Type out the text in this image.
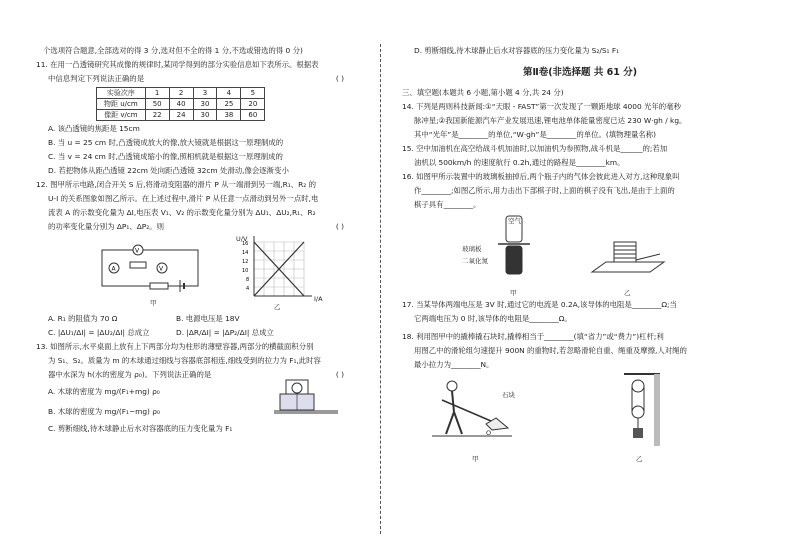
个选项符合题意,全部选对的得 3 分,选对但不全的得 1 分,不选或错选的得 0 分)
11. 在用一凸透镜研究其成像的规律时,某同学得到的部分实验信息如下表所示。根据表
中信息判定下列说法正确的是	( )
实验次序	1	2	3	4	5
物距 u/cm	50	40	30	25	20
像距 v/cm	22	24	30	38	60
A. 该凸透镜的焦距是 15cm
B. 当 u = 25 cm 时,凸透镜成放大的像,放大镜就是根据这一原理制成的
C. 当 v = 24 cm 时,凸透镜成缩小的像,照相机就是根据这一原理制成的
D. 若把物体从距凸透镜 22cm 处向距凸透镜 32cm 处滑动,像会逐渐变小
12. 图甲所示电路,闭合开关 S 后,将滑动变阻器的滑片 P 从一端滑到另一端,R₁、R₂ 的
U-I 的关系图象如图乙所示。在上述过程中,滑片 P 从任意一点滑动到另外一点时,电
流表 A 的示数变化量为 ΔI,电压表 V₁、V₂ 的示数变化量分别为 ΔU₁、ΔU₂,R₁、R₂
的功率变化量分别为 ΔP₁、ΔP₂。则	( )
A
V
V
甲
16
14
12
10
8
4
U/V
I/A
乙
A. R₁ 的阻值为 70 Ω	B. 电源电压是 18V
C. |ΔU₁/ΔI| = |ΔU₂/ΔI| 总成立	D. |ΔR/ΔI| = |ΔP₂/ΔI| 总成立
13. 如图所示,水平桌面上放有上下两部分均为柱形的薄壁容器,两部分的横截面积分别
为 S₁、S₂。质量为 m 的木球通过细线与容器底部相连,细线受到的拉力为 F₁,此时容
器中水深为 h(水的密度为 ρ₀)。下列说法正确的是	( )
A. 木球的密度为 mg/(F₁+mg) ρ₀
B. 木球的密度为 mg/(F₁−mg) ρ₀
C. 剪断细线,待木球静止后水对容器底的压力变化量为 F₁
D. 剪断细线,待木球静止后水对容器底的压力变化量为 S₂/S₁ F₁
第Ⅱ卷(非选择题 共 61 分)
三、填空题(本题共 6 小题,第小题 4 分,共 24 分)
14. 下列是两则科技新闻:①“天眼 - FAST”第一次发现了一颗距地球 4000 光年的毫秒
脉冲星;②我国新能源汽车产业发展迅速,锂电池单体能量密度已达 230 W·gh / kg。
其中“光年”是________的单位,“W·gh”是________的单位。(填物理量名称)
15. 空中加油机在高空给战斗机加油时,以加油机为参照物,战斗机是______的;若加
油机以 500km/h 的速度航行 0.2h,通过的路程是________km。
16. 如图甲所示装置中的玻璃板抽掉后,两个瓶子内的气体会彼此进入对方,这种现象叫
作________;如图乙所示,用力击出下部棋子时,上面的棋子没有飞出,是由于上面的
棋子具有________。
空气
玻璃板
二氧化氮
甲	乙
17. 当某导体两端电压是 3V 时,通过它的电流是 0.2A,该导体的电阻是________Ω;当
它两端电压为 0 时,该导体的电阻是________Ω。
18. 利用图甲中的撬棒撬石块时,撬棒相当于________(填“省力”或“费力”)杠杆;利
用图乙中的滑轮组匀速提升 900N 的重物时,若忽略滑轮自重、绳重及摩擦,人对绳的
最小拉力为________N。
石块
O
甲	乙
